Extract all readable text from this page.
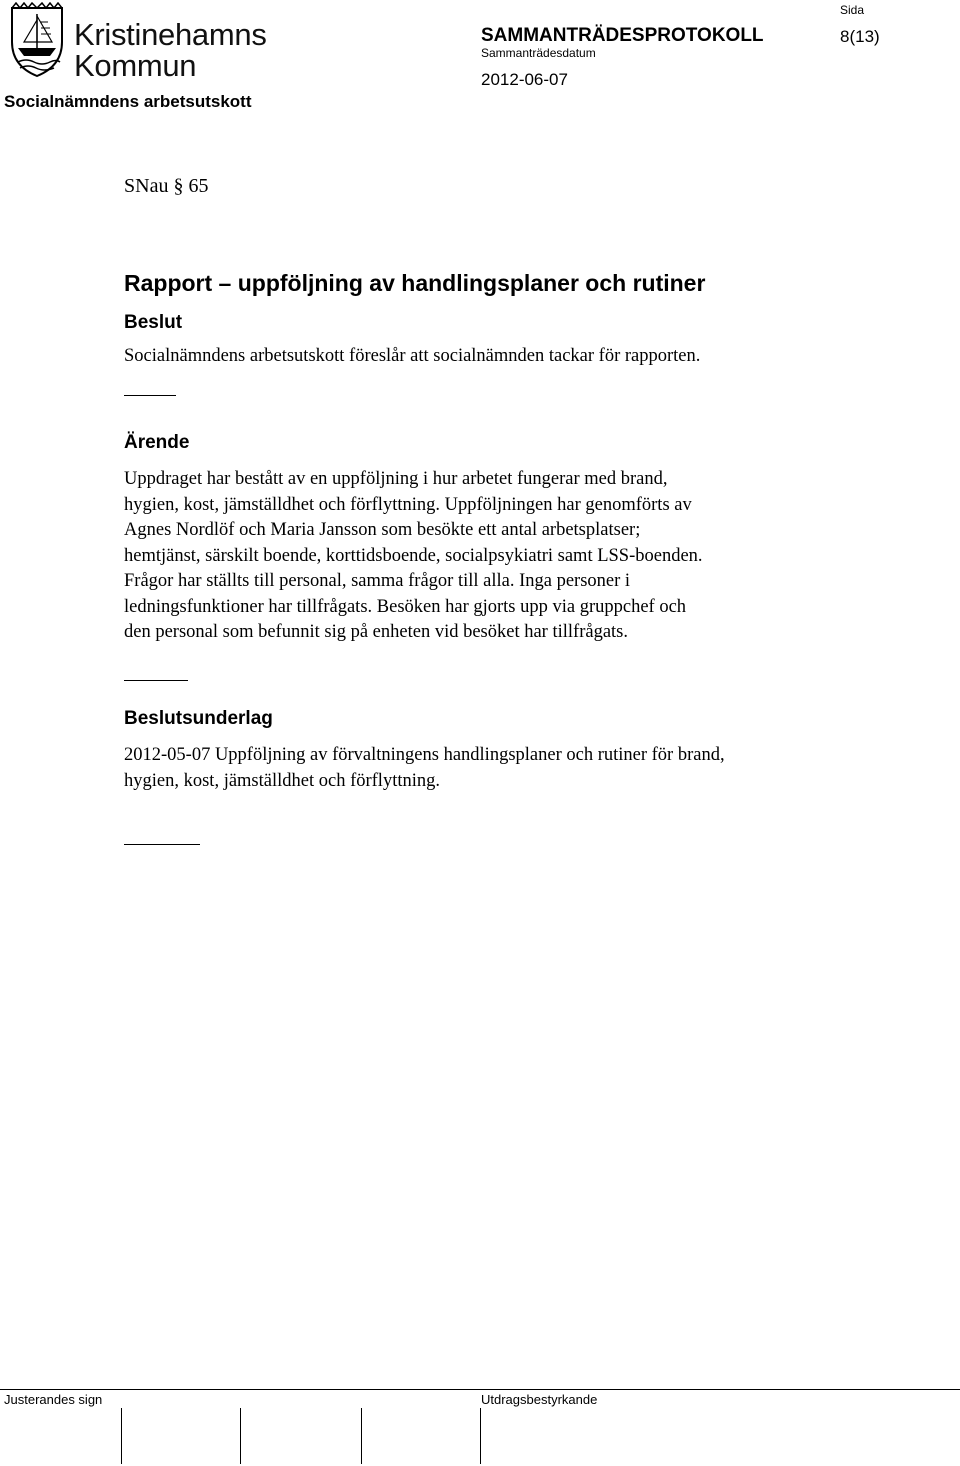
Kristinehamns
Kommun
Socialnämndens arbetsutskott
SAMMANTRÄDESPROTOKOLL
Sammanträdesdatum
2012-06-07
Sida
8(13)
SNau § 65
Rapport – uppföljning av handlingsplaner och rutiner
Beslut
Socialnämndens arbetsutskott föreslår att socialnämnden tackar för rapporten.
Ärende
Uppdraget har bestått av en uppföljning i hur arbetet fungerar med brand,
hygien, kost, jämställdhet och förflyttning. Uppföljningen har genomförts av
Agnes Nordlöf och Maria Jansson som besökte ett antal arbetsplatser;
hemtjänst, särskilt boende, korttidsboende, socialpsykiatri samt LSS-boenden.
Frågor har ställts till personal, samma frågor till alla. Inga personer i
ledningsfunktioner har tillfrågats. Besöken har gjorts upp via gruppchef och
den personal som befunnit sig på enheten vid besöket har tillfrågats.
Beslutsunderlag
2012-05-07 Uppföljning av förvaltningens handlingsplaner och rutiner för brand,
hygien, kost, jämställdhet och förflyttning.
Justerandes sign	Utdragsbestyrkande
